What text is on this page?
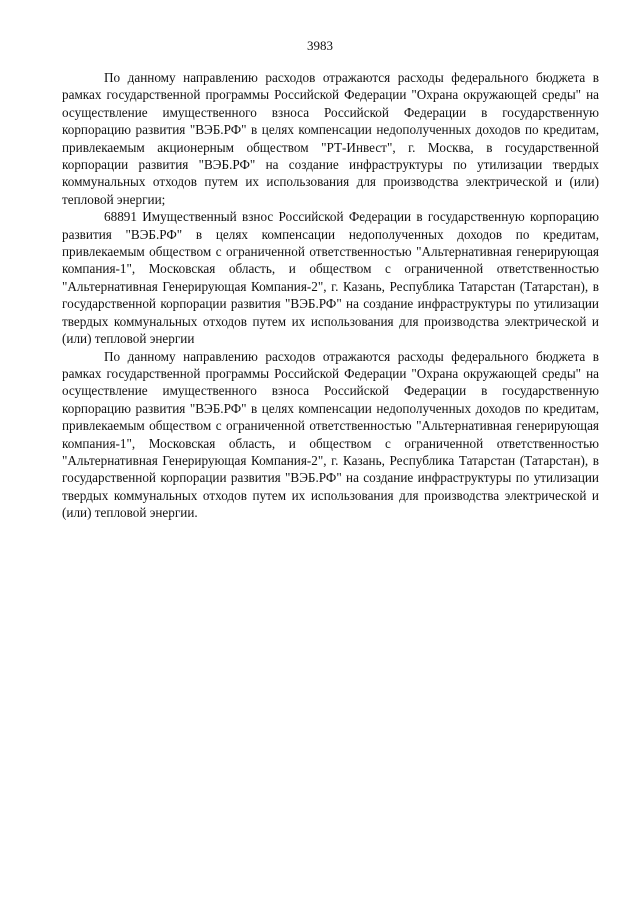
3983

По данному направлению расходов отражаются расходы федерального бюджета в рамках государственной программы Российской Федерации "Охрана окружающей среды" на осуществление имущественного взноса Российской Федерации в государственную корпорацию развития "ВЭБ.РФ" в целях компенсации недополученных доходов по кредитам, привлекаемым акционерным обществом "РТ-Инвест", г. Москва, в государственной корпорации развития "ВЭБ.РФ" на создание инфраструктуры по утилизации твердых коммунальных отходов путем их использования для производства электрической и (или) тепловой энергии;

68891 Имущественный взнос Российской Федерации в государственную корпорацию развития "ВЭБ.РФ" в целях компенсации недополученных доходов по кредитам, привлекаемым обществом с ограниченной ответственностью "Альтернативная генерирующая компания-1", Московская область, и обществом с ограниченной ответственностью "Альтернативная Генерирующая Компания-2", г. Казань, Республика Татарстан (Татарстан), в государственной корпорации развития "ВЭБ.РФ" на создание инфраструктуры по утилизации твердых коммунальных отходов путем их использования для производства электрической и (или) тепловой энергии

По данному направлению расходов отражаются расходы федерального бюджета в рамках государственной программы Российской Федерации "Охрана окружающей среды" на осуществление имущественного взноса Российской Федерации в государственную корпорацию развития "ВЭБ.РФ" в целях компенсации недополученных доходов по кредитам, привлекаемым обществом с ограниченной ответственностью "Альтернативная генерирующая компания-1", Московская область, и обществом с ограниченной ответственностью "Альтернативная Генерирующая Компания-2", г. Казань, Республика Татарстан (Татарстан), в государственной корпорации развития "ВЭБ.РФ" на создание инфраструктуры по утилизации твердых коммунальных отходов путем их использования для производства электрической и (или) тепловой энергии.
